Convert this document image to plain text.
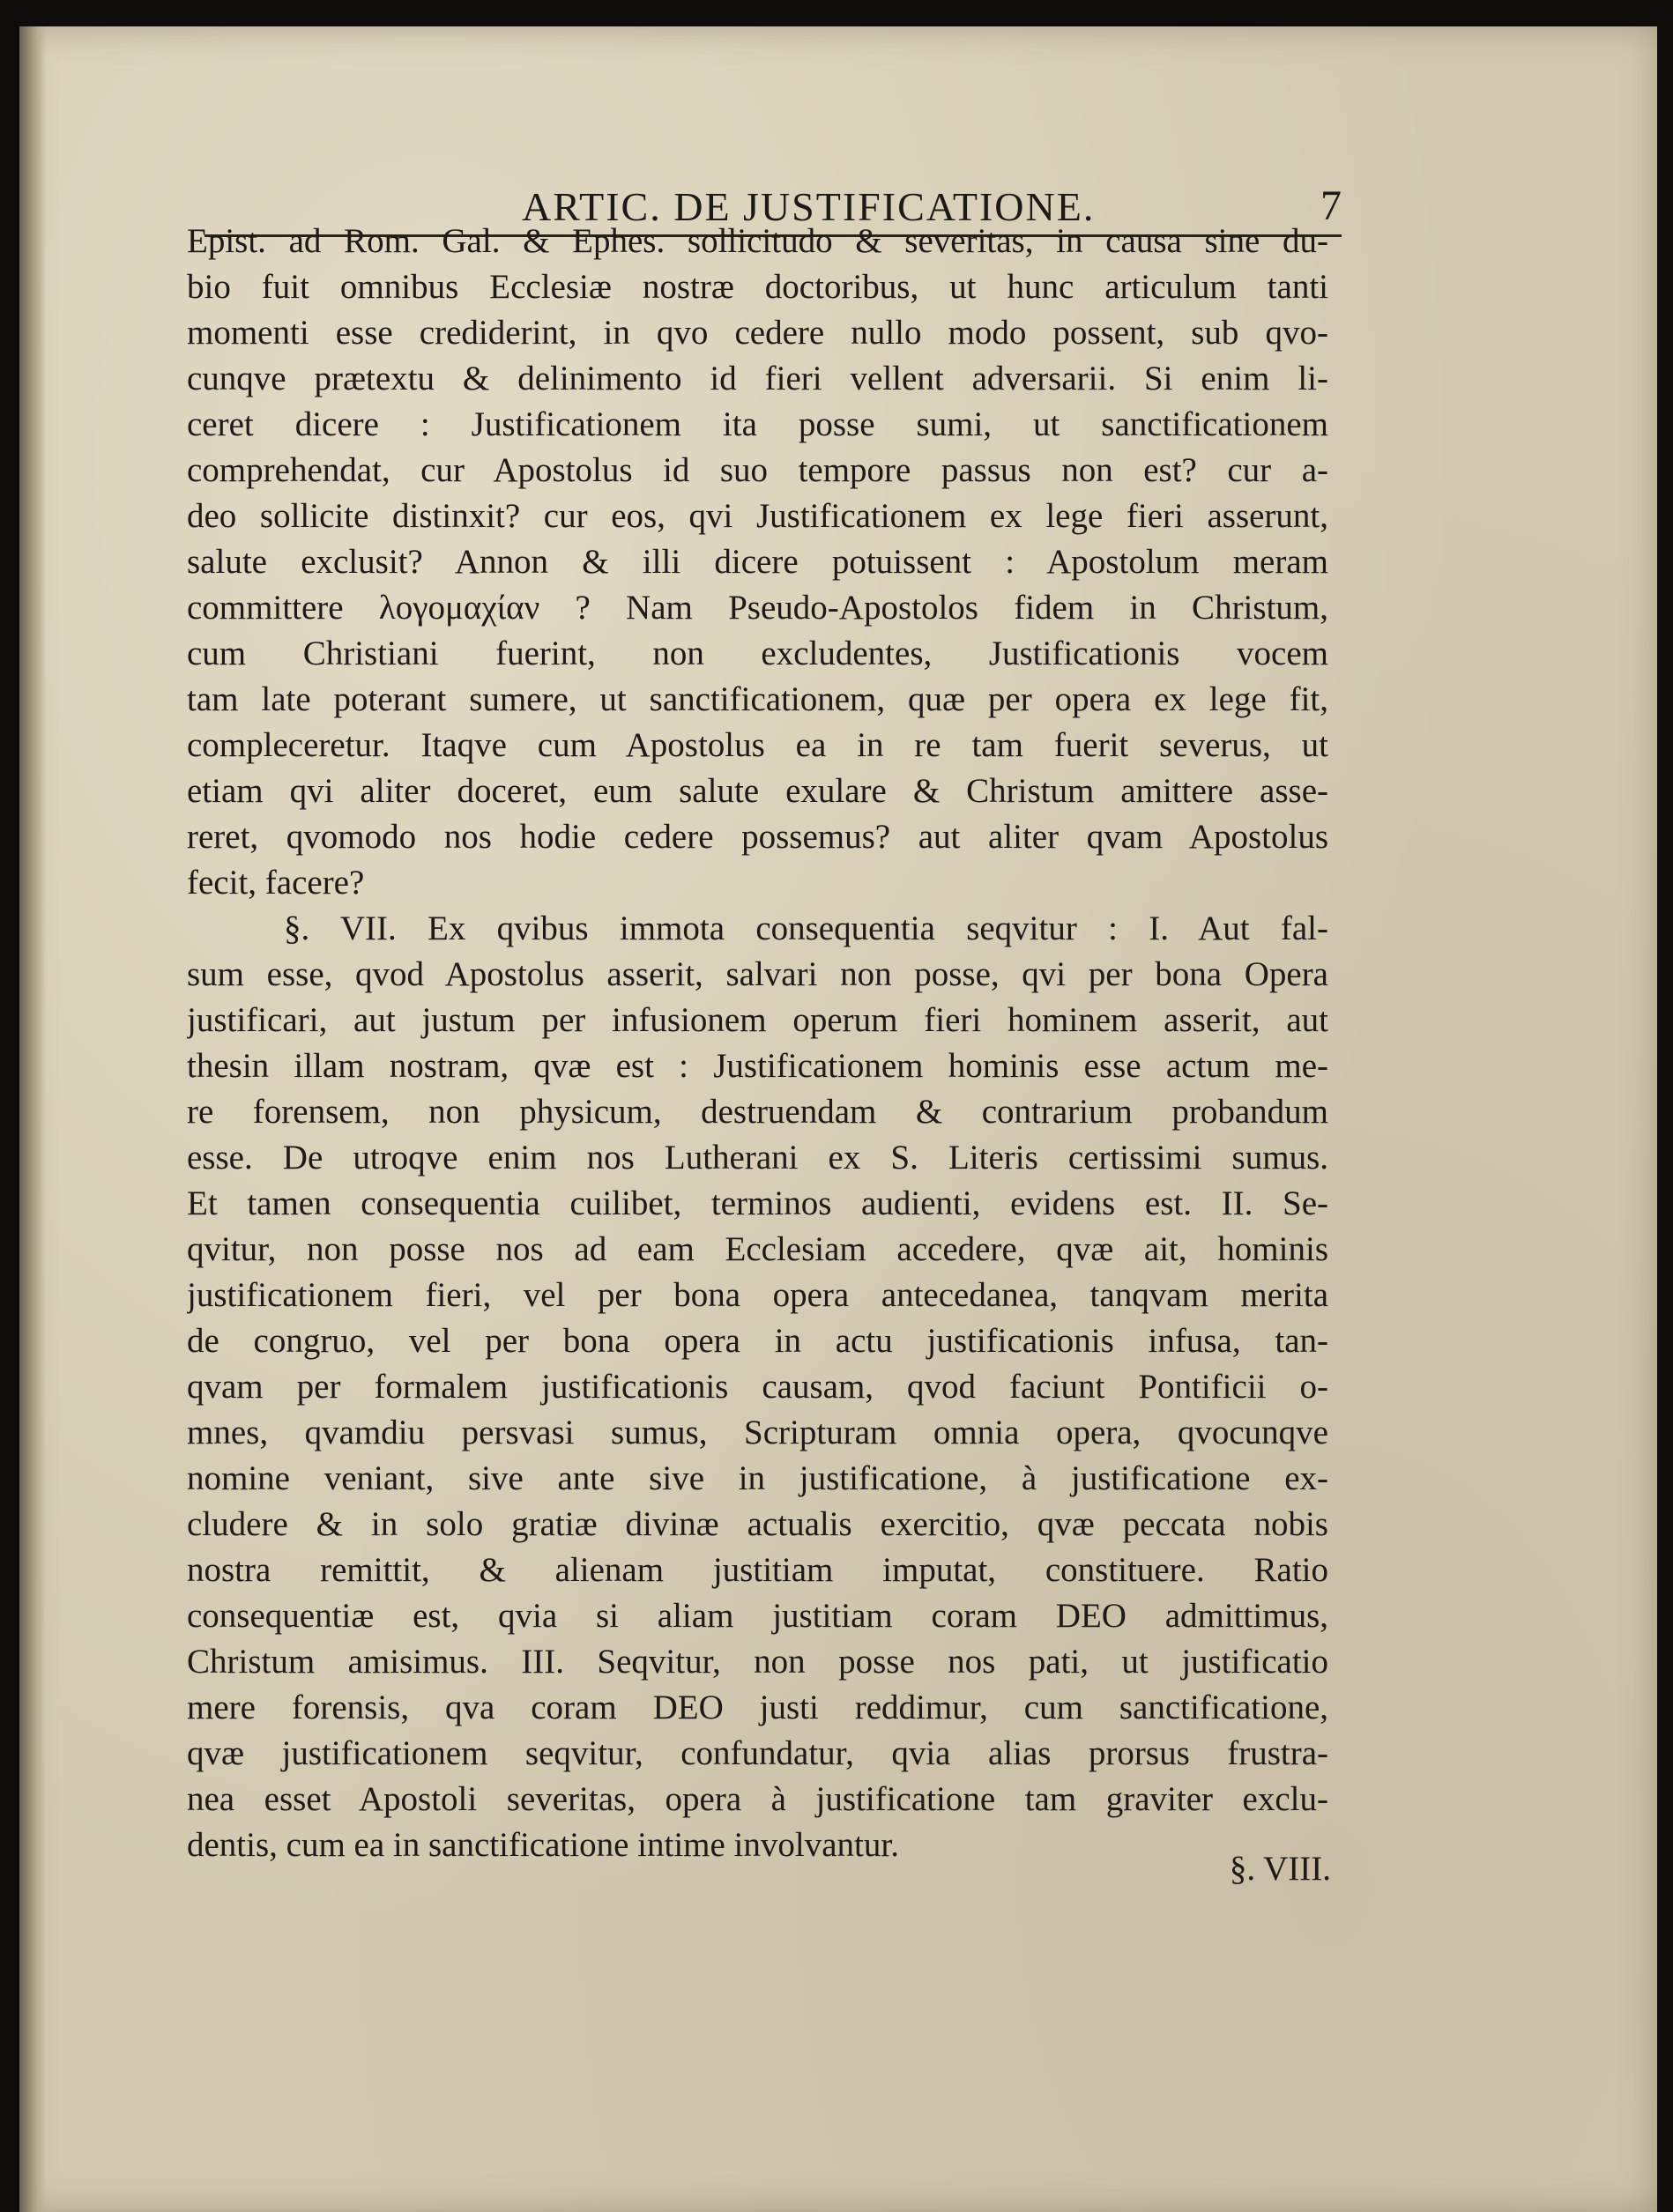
ARTIC. DE JUSTIFICATIONE.	7
Epist. ad Rom. Gal. & Ephes. sollicitudo & severitas, in causa sine du-
bio fuit omnibus Ecclesiæ nostræ doctoribus, ut hunc articulum tanti
momenti esse crediderint, in qvo cedere nullo modo possent, sub qvo-
cunqve prætextu & delinimento id fieri vellent adversarii. Si enim li-
ceret dicere : Justificationem ita posse sumi, ut sanctificationem
comprehendat, cur Apostolus id suo tempore passus non est? cur a-
deo sollicite distinxit? cur eos, qvi Justificationem ex lege fieri asserunt,
salute exclusit? Annon & illi dicere potuissent : Apostolum meram
committere λογομαχίαν ? Nam Pseudo-Apostolos fidem in Christum,
cum Christiani fuerint, non excludentes, Justificationis vocem
tam late poterant sumere, ut sanctificationem, quæ per opera ex lege fit,
compleceretur. Itaqve cum Apostolus ea in re tam fuerit severus, ut
etiam qvi aliter doceret, eum salute exulare & Christum amittere asse-
reret, qvomodo nos hodie cedere possemus? aut aliter qvam Apostolus
fecit, facere?
§. VII. Ex qvibus immota consequentia seqvitur : I. Aut fal-
sum esse, qvod Apostolus asserit, salvari non posse, qvi per bona Opera
justificari, aut justum per infusionem operum fieri hominem asserit, aut
thesin illam nostram, qvæ est : Justificationem hominis esse actum me-
re forensem, non physicum, destruendam & contrarium probandum
esse. De utroqve enim nos Lutherani ex S. Literis certissimi sumus.
Et tamen consequentia cuilibet, terminos audienti, evidens est. II. Se-
qvitur, non posse nos ad eam Ecclesiam accedere, qvæ ait, hominis
justificationem fieri, vel per bona opera antecedanea, tanqvam merita
de congruo, vel per bona opera in actu justificationis infusa, tan-
qvam per formalem justificationis causam, qvod faciunt Pontificii o-
mnes, qvamdiu persvasi sumus, Scripturam omnia opera, qvocunqve
nomine veniant, sive ante sive in justificatione, à justificatione ex-
cludere & in solo gratiæ divinæ actualis exercitio, qvæ peccata nobis
nostra remittit, & alienam justitiam imputat, constituere. Ratio
consequentiæ est, qvia si aliam justitiam coram DEO admittimus,
Christum amisimus. III. Seqvitur, non posse nos pati, ut justificatio
mere forensis, qva coram DEO justi reddimur, cum sanctificatione,
qvæ justificationem seqvitur, confundatur, qvia alias prorsus frustra-
nea esset Apostoli severitas, opera à justificatione tam graviter exclu-
dentis, cum ea in sanctificatione intime involvantur.
§. VIII.
